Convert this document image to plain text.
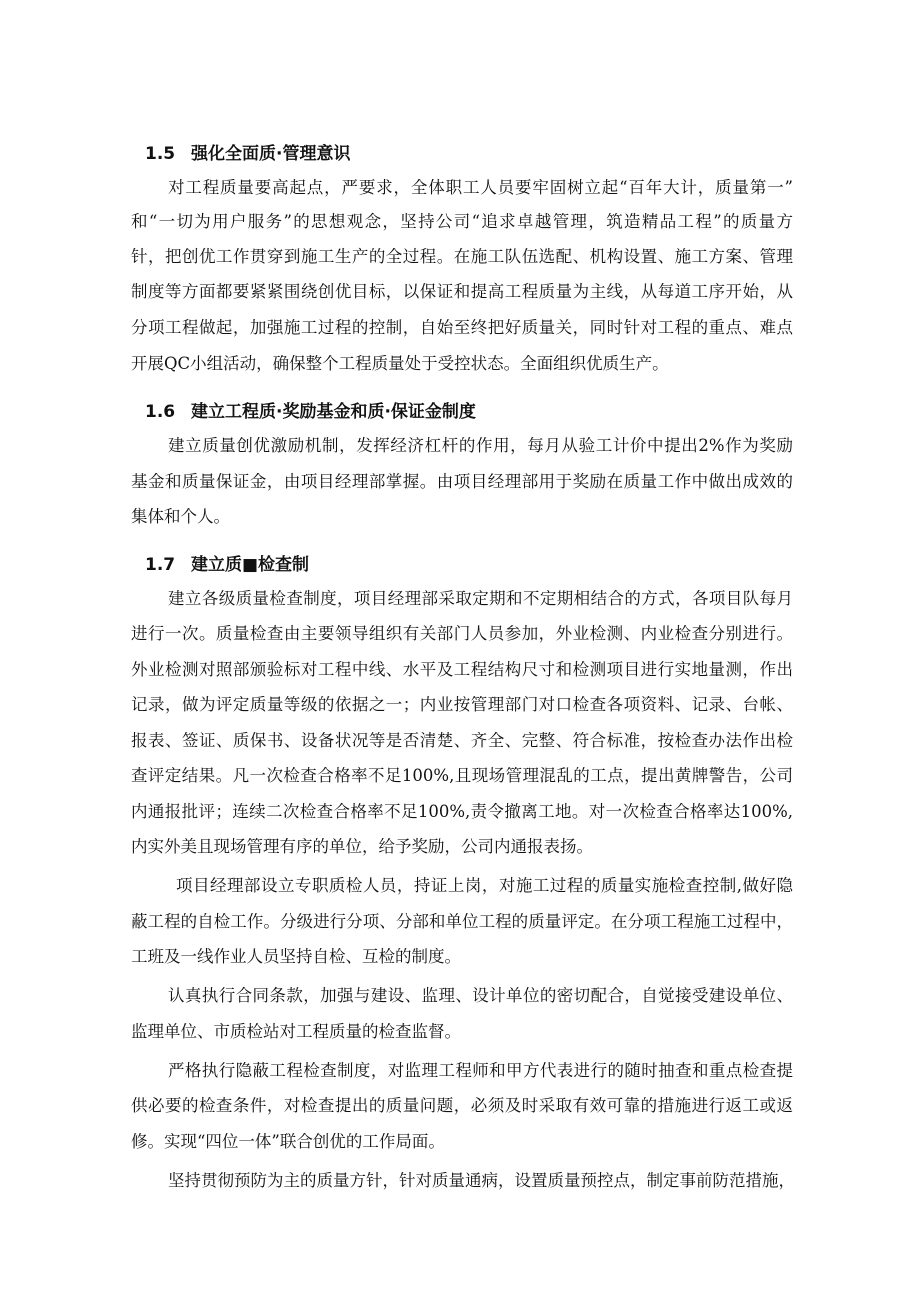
1.5 强化全面质·管理意识
对工程质量要高起点，严要求，全体职工人员要牢固树立起“百年大计，质量第一”
和“一切为用户服务”的思想观念，坚持公司“追求卓越管理，筑造精品工程”的质量方
针，把创优工作贯穿到施工生产的全过程。在施工队伍选配、机构设置、施工方案、管理
制度等方面都要紧紧围绕创优目标，以保证和提高工程质量为主线，从每道工序开始，从
分项工程做起，加强施工过程的控制，自始至终把好质量关，同时针对工程的重点、难点
开展QC小组活动，确保整个工程质量处于受控状态。全面组织优质生产。
1.6 建立工程质·奖励基金和质·保证金制度
建立质量创优激励机制，发挥经济杠杆的作用，每月从验工计价中提出2%作为奖励
基金和质量保证金，由项目经理部掌握。由项目经理部用于奖励在质量工作中做出成效的
集体和个人。
1.7 建立质■检查制
建立各级质量检查制度，项目经理部采取定期和不定期相结合的方式，各项目队每月
进行一次。质量检查由主要领导组织有关部门人员参加，外业检测、内业检查分别进行。
外业检测对照部颁验标对工程中线、水平及工程结构尺寸和检测项目进行实地量测，作出
记录，做为评定质量等级的依据之一；内业按管理部门对口检查各项资料、记录、台帐、
报表、签证、质保书、设备状况等是否清楚、齐全、完整、符合标准，按检查办法作出检
查评定结果。凡一次检查合格率不足100%,且现场管理混乱的工点，提出黄牌警告，公司
内通报批评；连续二次检查合格率不足100%,责令撤离工地。对一次检查合格率达100%,
内实外美且现场管理有序的单位，给予奖励，公司内通报表扬。
项目经理部设立专职质检人员，持证上岗，对施工过程的质量实施检查控制,做好隐
蔽工程的自检工作。分级进行分项、分部和单位工程的质量评定。在分项工程施工过程中，
工班及一线作业人员坚持自检、互检的制度。
认真执行合同条款，加强与建设、监理、设计单位的密切配合，自觉接受建设单位、
监理单位、市质检站对工程质量的检查监督。
严格执行隐蔽工程检查制度，对监理工程师和甲方代表进行的随时抽查和重点检查提
供必要的检查条件，对检查提出的质量问题，必须及时采取有效可靠的措施进行返工或返
修。实现“四位一体”联合创优的工作局面。
坚持贯彻预防为主的质量方针，针对质量通病，设置质量预控点，制定事前防范措施，
